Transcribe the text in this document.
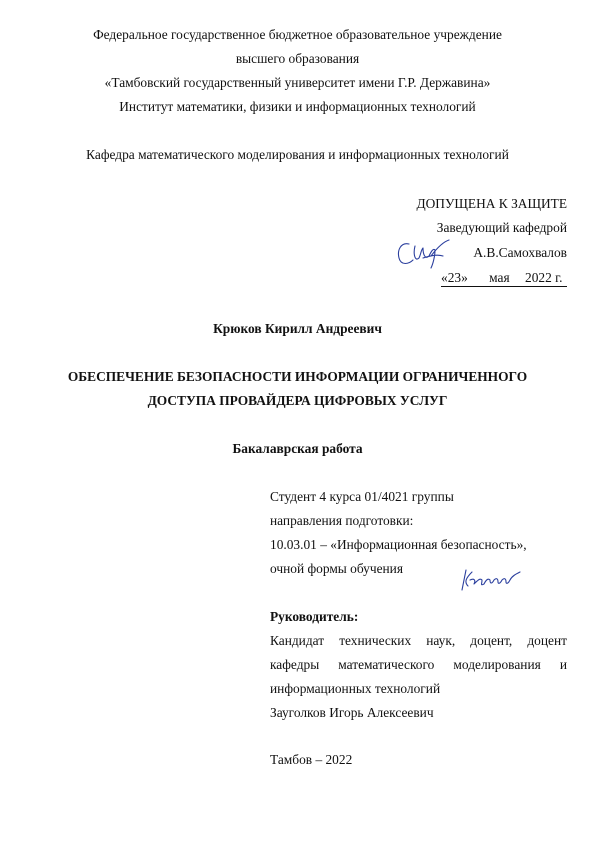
Федеральное государственное бюджетное образовательное учреждение
высшего образования
«Тамбовский государственный университет имени Г.Р. Державина»
Институт математики, физики и информационных технологий
Кафедра математического моделирования и информационных технологий
ДОПУЩЕНА К ЗАЩИТЕ
Заведующий кафедрой
А.В.Самохвалов
«23» мая 2022 г.
Крюков Кирилл Андреевич
ОБЕСПЕЧЕНИЕ БЕЗОПАСНОСТИ ИНФОРМАЦИИ ОГРАНИЧЕННОГО
ДОСТУПА ПРОВАЙДЕРА ЦИФРОВЫХ УСЛУГ
Бакалаврская работа
Студент 4 курса 01/4021 группы
направления подготовки:
10.03.01 – «Информационная безопасность»,
очной формы обучения
Руководитель:
Кандидат технических наук, доцент, доцент
кафедры математического моделирования и
информационных технологий
Зауголков Игорь Алексеевич
Тамбов – 2022
